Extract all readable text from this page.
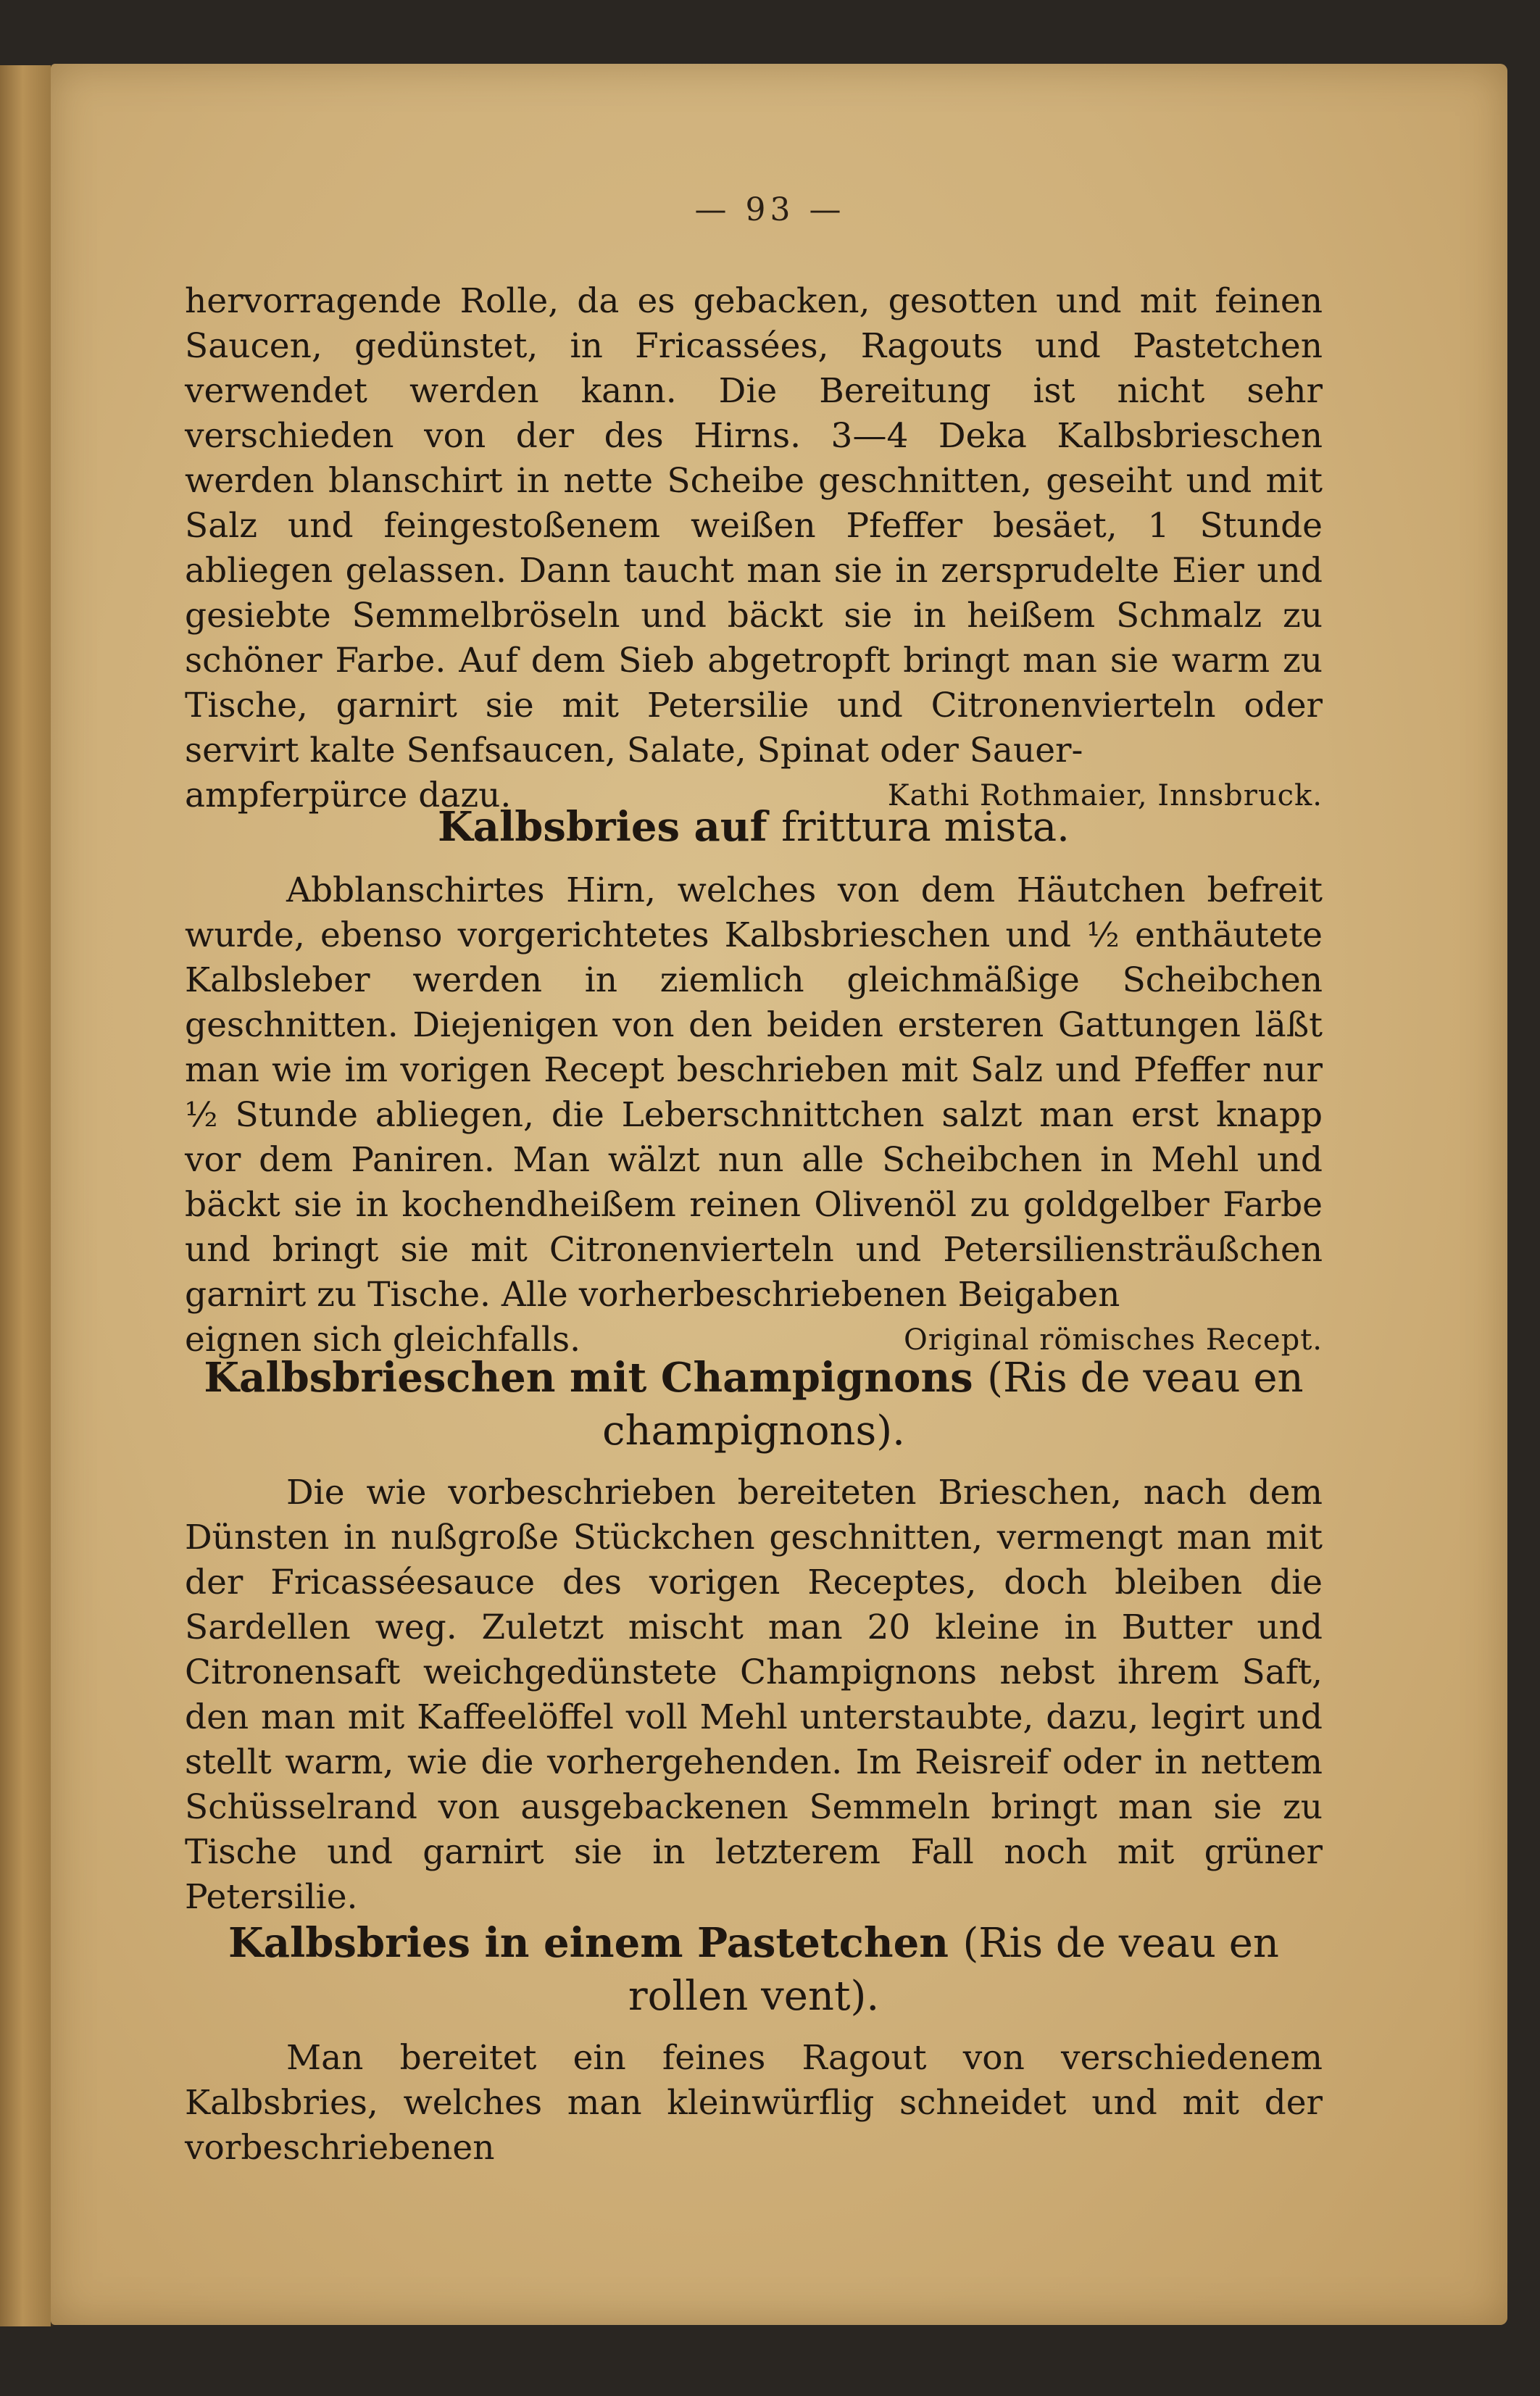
— 93 —

hervorragende Rolle, da es gebacken, gesotten und mit feinen Saucen, gedünstet, in Fricassées, Ragouts und Pastetchen verwendet werden kann. Die Bereitung ist nicht sehr verschieden von der des Hirns. 3—4 Deka Kalbsbrieschen werden blanschirt in nette Scheibe geschnitten, geseiht und mit Salz und feingestoßenem weißen Pfeffer besäet, 1 Stunde abliegen gelassen. Dann taucht man sie in zersprudelte Eier und gesiebte Semmelbröseln und bäckt sie in heißem Schmalz zu schöner Farbe. Auf dem Sieb abgetropft bringt man sie warm zu Tische, garnirt sie mit Petersilie und Citronenvierteln oder servirt kalte Senfsaucen, Salate, Spinat oder Sauer-

ampferpürce dazu.	Kathi Rothmaier, Innsbruck.
Kalbsbries auf frittura mista.

Abblanschirtes Hirn, welches von dem Häutchen befreit wurde, ebenso vorgerichtetes Kalbsbrieschen und ½ enthäutete Kalbsleber werden in ziemlich gleichmäßige Scheibchen geschnitten. Diejenigen von den beiden ersteren Gattungen läßt man wie im vorigen Recept beschrieben mit Salz und Pfeffer nur ½ Stunde abliegen, die Leberschnittchen salzt man erst knapp vor dem Paniren. Man wälzt nun alle Scheibchen in Mehl und bäckt sie in kochendheißem reinen Olivenöl zu goldgelber Farbe und bringt sie mit Citronenvierteln und Petersiliensträußchen garnirt zu Tische. Alle vorherbeschriebenen Beigaben

eignen sich gleichfalls.	Original römisches Recept.
Kalbsbrieschen mit Champignons (Ris de veau en champignons).

Die wie vorbeschrieben bereiteten Brieschen, nach dem Dünsten in nußgroße Stückchen geschnitten, vermengt man mit der Fricasséesauce des vorigen Receptes, doch bleiben die Sardellen weg. Zuletzt mischt man 20 kleine in Butter und Citronensaft weichgedünstete Champignons nebst ihrem Saft, den man mit Kaffeelöffel voll Mehl unterstaubte, dazu, legirt und stellt warm, wie die vorhergehenden. Im Reisreif oder in nettem Schüsselrand von ausgebackenen Semmeln bringt man sie zu Tische und garnirt sie in letzterem Fall noch mit grüner Petersilie.

Kalbsbries in einem Pastetchen (Ris de veau en rollen vent).

Man bereitet ein feines Ragout von verschiedenem Kalbsbries, welches man kleinwürflig schneidet und mit der vorbeschriebenen
